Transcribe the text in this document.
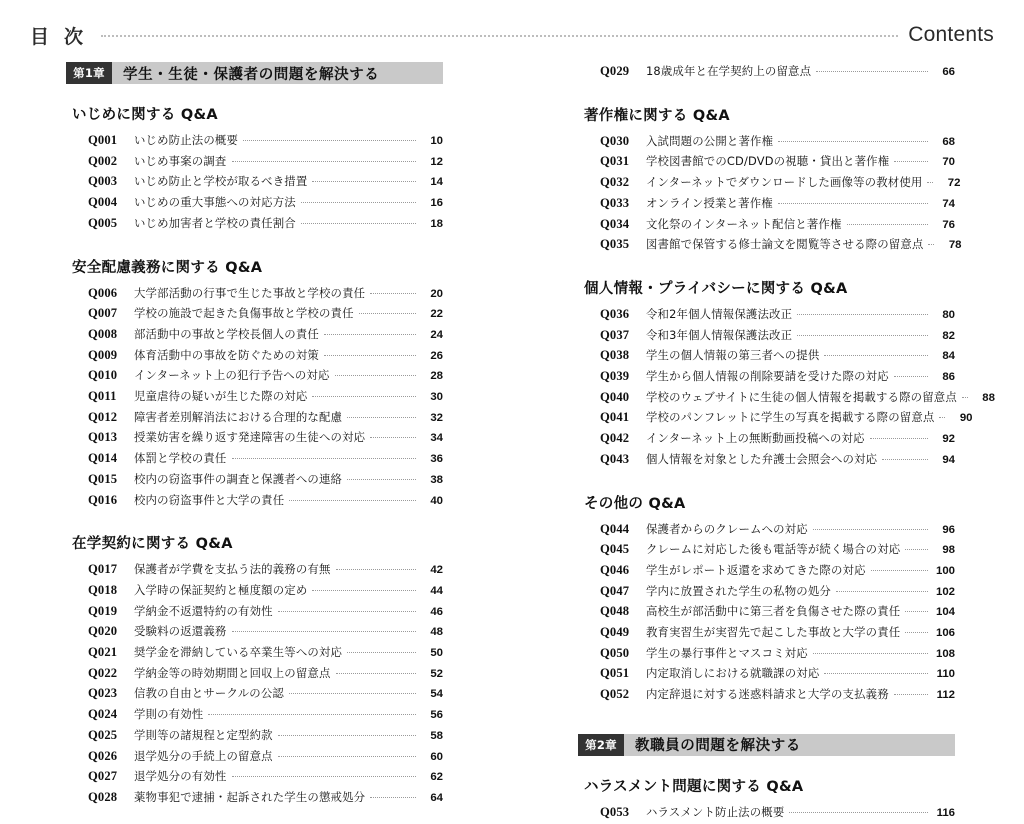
目 次	Contents
第1章	学生・生徒・保護者の問題を解決する
いじめに関する Q&A
Q001	いじめ防止法の概要	10
Q002	いじめ事案の調査	12
Q003	いじめ防止と学校が取るべき措置	14
Q004	いじめの重大事態への対応方法	16
Q005	いじめ加害者と学校の責任割合	18
安全配慮義務に関する Q&A
Q006	大学部活動の行事で生じた事故と学校の責任	20
Q007	学校の施設で起きた負傷事故と学校の責任	22
Q008	部活動中の事故と学校長個人の責任	24
Q009	体育活動中の事故を防ぐための対策	26
Q010	インターネット上の犯行予告への対応	28
Q011	児童虐待の疑いが生じた際の対応	30
Q012	障害者差別解消法における合理的な配慮	32
Q013	授業妨害を繰り返す発達障害の生徒への対応	34
Q014	体罰と学校の責任	36
Q015	校内の窃盗事件の調査と保護者への連絡	38
Q016	校内の窃盗事件と大学の責任	40
在学契約に関する Q&A
Q017	保護者が学費を支払う法的義務の有無	42
Q018	入学時の保証契約と極度額の定め	44
Q019	学納金不返還特約の有効性	46
Q020	受験料の返還義務	48
Q021	奨学金を滞納している卒業生等への対応	50
Q022	学納金等の時効期間と回収上の留意点	52
Q023	信教の自由とサークルの公認	54
Q024	学則の有効性	56
Q025	学則等の諸規程と定型約款	58
Q026	退学処分の手続上の留意点	60
Q027	退学処分の有効性	62
Q028	薬物事犯で逮捕・起訴された学生の懲戒処分	64
Q029	18歳成年と在学契約上の留意点	66
著作権に関する Q&A
Q030	入試問題の公開と著作権	68
Q031	学校図書館でのCD/DVDの視聴・貸出と著作権	70
Q032	インターネットでダウンロードした画像等の教材使用	72
Q033	オンライン授業と著作権	74
Q034	文化祭のインターネット配信と著作権	76
Q035	図書館で保管する修士論文を閲覧等させる際の留意点	78
個人情報・プライバシーに関する Q&A
Q036	令和2年個人情報保護法改正	80
Q037	令和3年個人情報保護法改正	82
Q038	学生の個人情報の第三者への提供	84
Q039	学生から個人情報の削除要請を受けた際の対応	86
Q040	学校のウェブサイトに生徒の個人情報を掲載する際の留意点	88
Q041	学校のパンフレットに学生の写真を掲載する際の留意点	90
Q042	インターネット上の無断動画投稿への対応	92
Q043	個人情報を対象とした弁護士会照会への対応	94
その他の Q&A
Q044	保護者からのクレームへの対応	96
Q045	クレームに対応した後も電話等が続く場合の対応	98
Q046	学生がレポート返還を求めてきた際の対応	100
Q047	学内に放置された学生の私物の処分	102
Q048	高校生が部活動中に第三者を負傷させた際の責任	104
Q049	教育実習生が実習先で起こした事故と大学の責任	106
Q050	学生の暴行事件とマスコミ対応	108
Q051	内定取消しにおける就職課の対応	110
Q052	内定辞退に対する迷惑料請求と大学の支払義務	112
第2章	教職員の問題を解決する
ハラスメント問題に関する Q&A
Q053	ハラスメント防止法の概要	116
